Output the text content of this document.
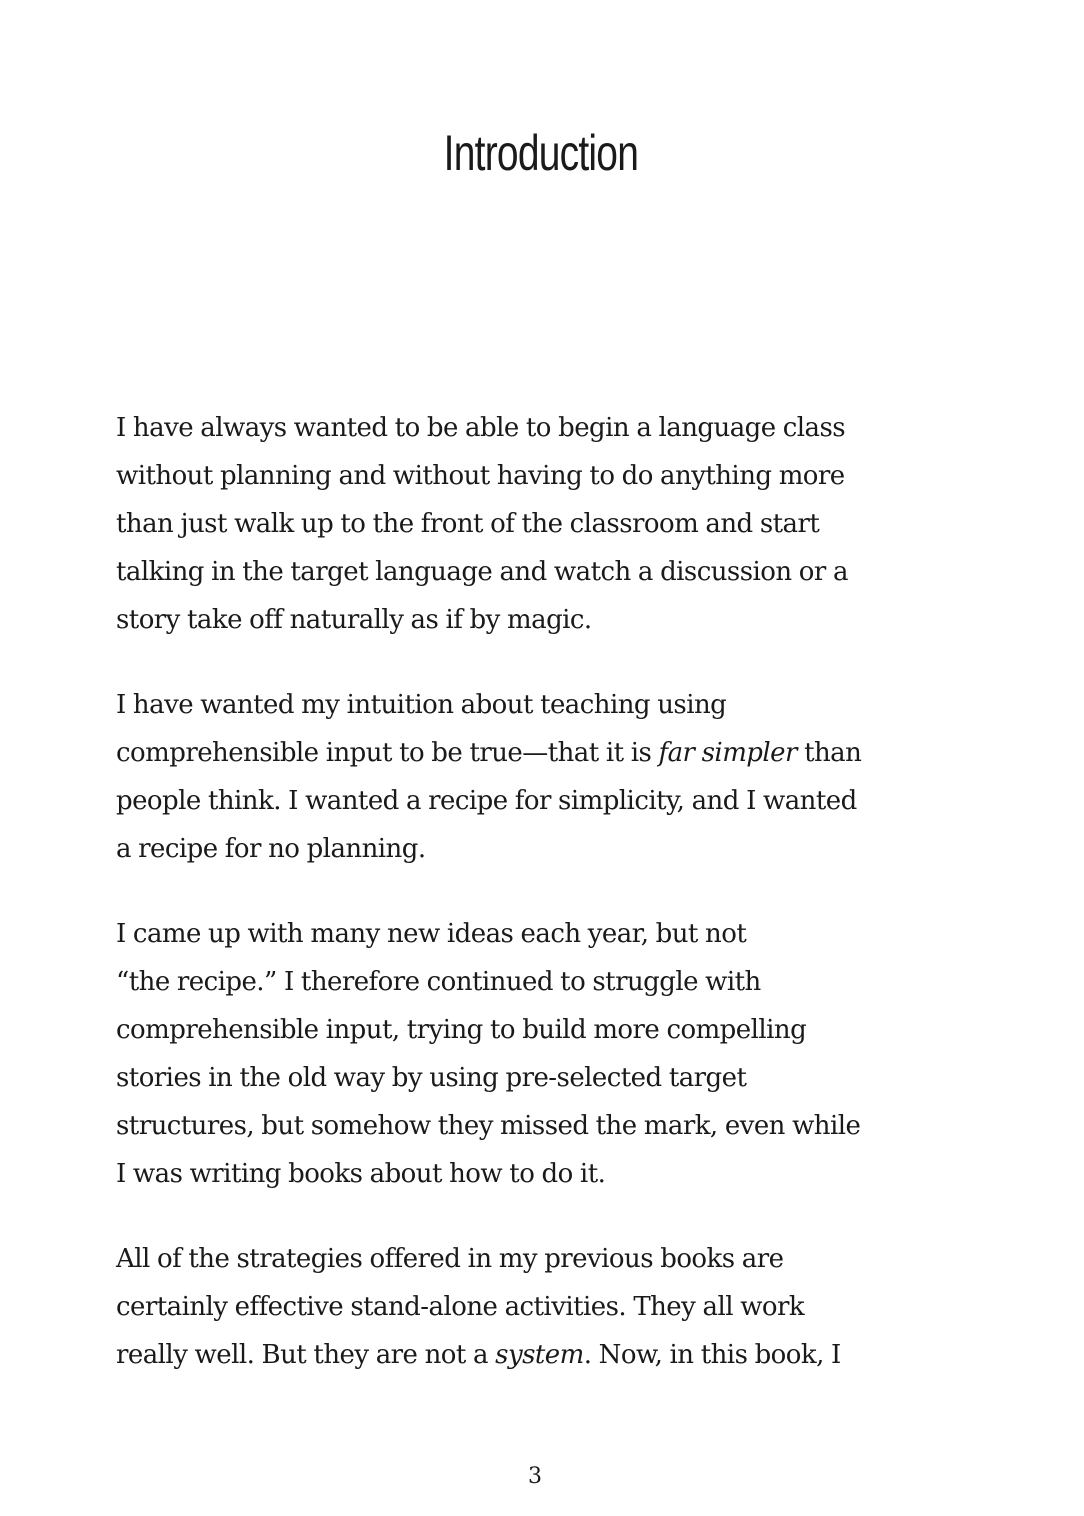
Introduction

I have always wanted to be able to begin a language class
without planning and without having to do anything more
than just walk up to the front of the classroom and start
talking in the target language and watch a discussion or a
story take off naturally as if by magic.

I have wanted my intuition about teaching using
comprehensible input to be true—that it is far simpler than
people think. I wanted a recipe for simplicity, and I wanted
a recipe for no planning.

I came up with many new ideas each year, but not
“the recipe.” I therefore continued to struggle with
comprehensible input, trying to build more compelling
stories in the old way by using pre-selected target
structures, but somehow they missed the mark, even while
I was writing books about how to do it.

All of the strategies offered in my previous books are
certainly effective stand-alone activities. They all work
really well. But they are not a system. Now, in this book, I

3
